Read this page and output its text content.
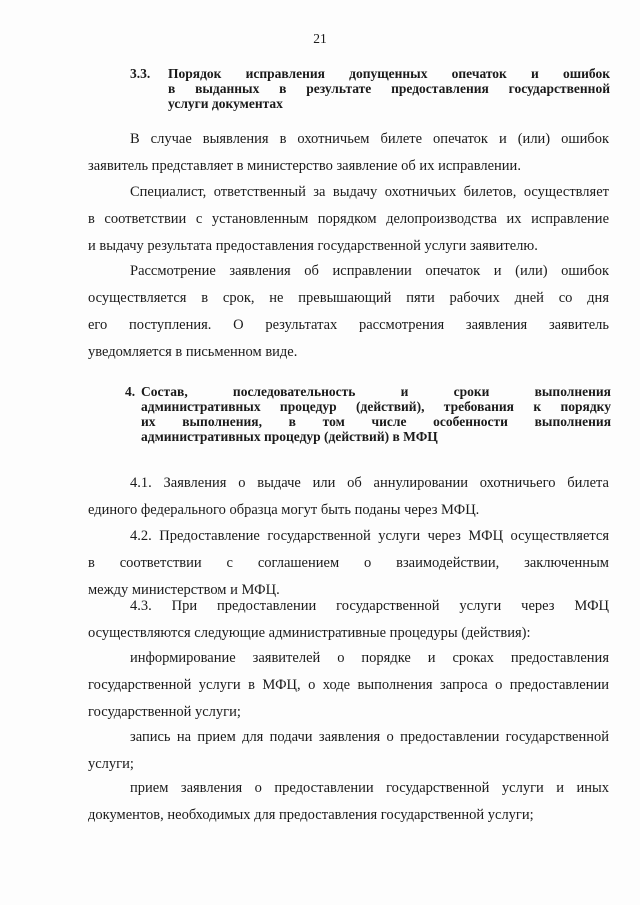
21
3.3. Порядок исправления допущенных опечаток и ошибок
в выданных в результате предоставления государственной
услуги документах
В случае выявления в охотничьем билете опечаток и (или) ошибок
заявитель представляет в министерство заявление об их исправлении.
Специалист, ответственный за выдачу охотничьих билетов, осуществляет
в соответствии с установленным порядком делопроизводства их исправление
и выдачу результата предоставления государственной услуги заявителю.
Рассмотрение заявления об исправлении опечаток и (или) ошибок
осуществляется в срок, не превышающий пяти рабочих дней со дня
его поступления. О результатах рассмотрения заявления заявитель
уведомляется в письменном виде.
4. Состав, последовательность и сроки выполнения
административных процедур (действий), требования к порядку
их выполнения, в том числе особенности выполнения
административных процедур (действий) в МФЦ
4.1. Заявления о выдаче или об аннулировании охотничьего билета
единого федерального образца могут быть поданы через МФЦ.
4.2. Предоставление государственной услуги через МФЦ осуществляется
в соответствии с соглашением о взаимодействии, заключенным
между министерством и МФЦ.
4.3. При предоставлении государственной услуги через МФЦ
осуществляются следующие административные процедуры (действия):
информирование заявителей о порядке и сроках предоставления
государственной услуги в МФЦ, о ходе выполнения запроса о предоставлении
государственной услуги;
запись на прием для подачи заявления о предоставлении государственной
услуги;
прием заявления о предоставлении государственной услуги и иных
документов, необходимых для предоставления государственной услуги;
